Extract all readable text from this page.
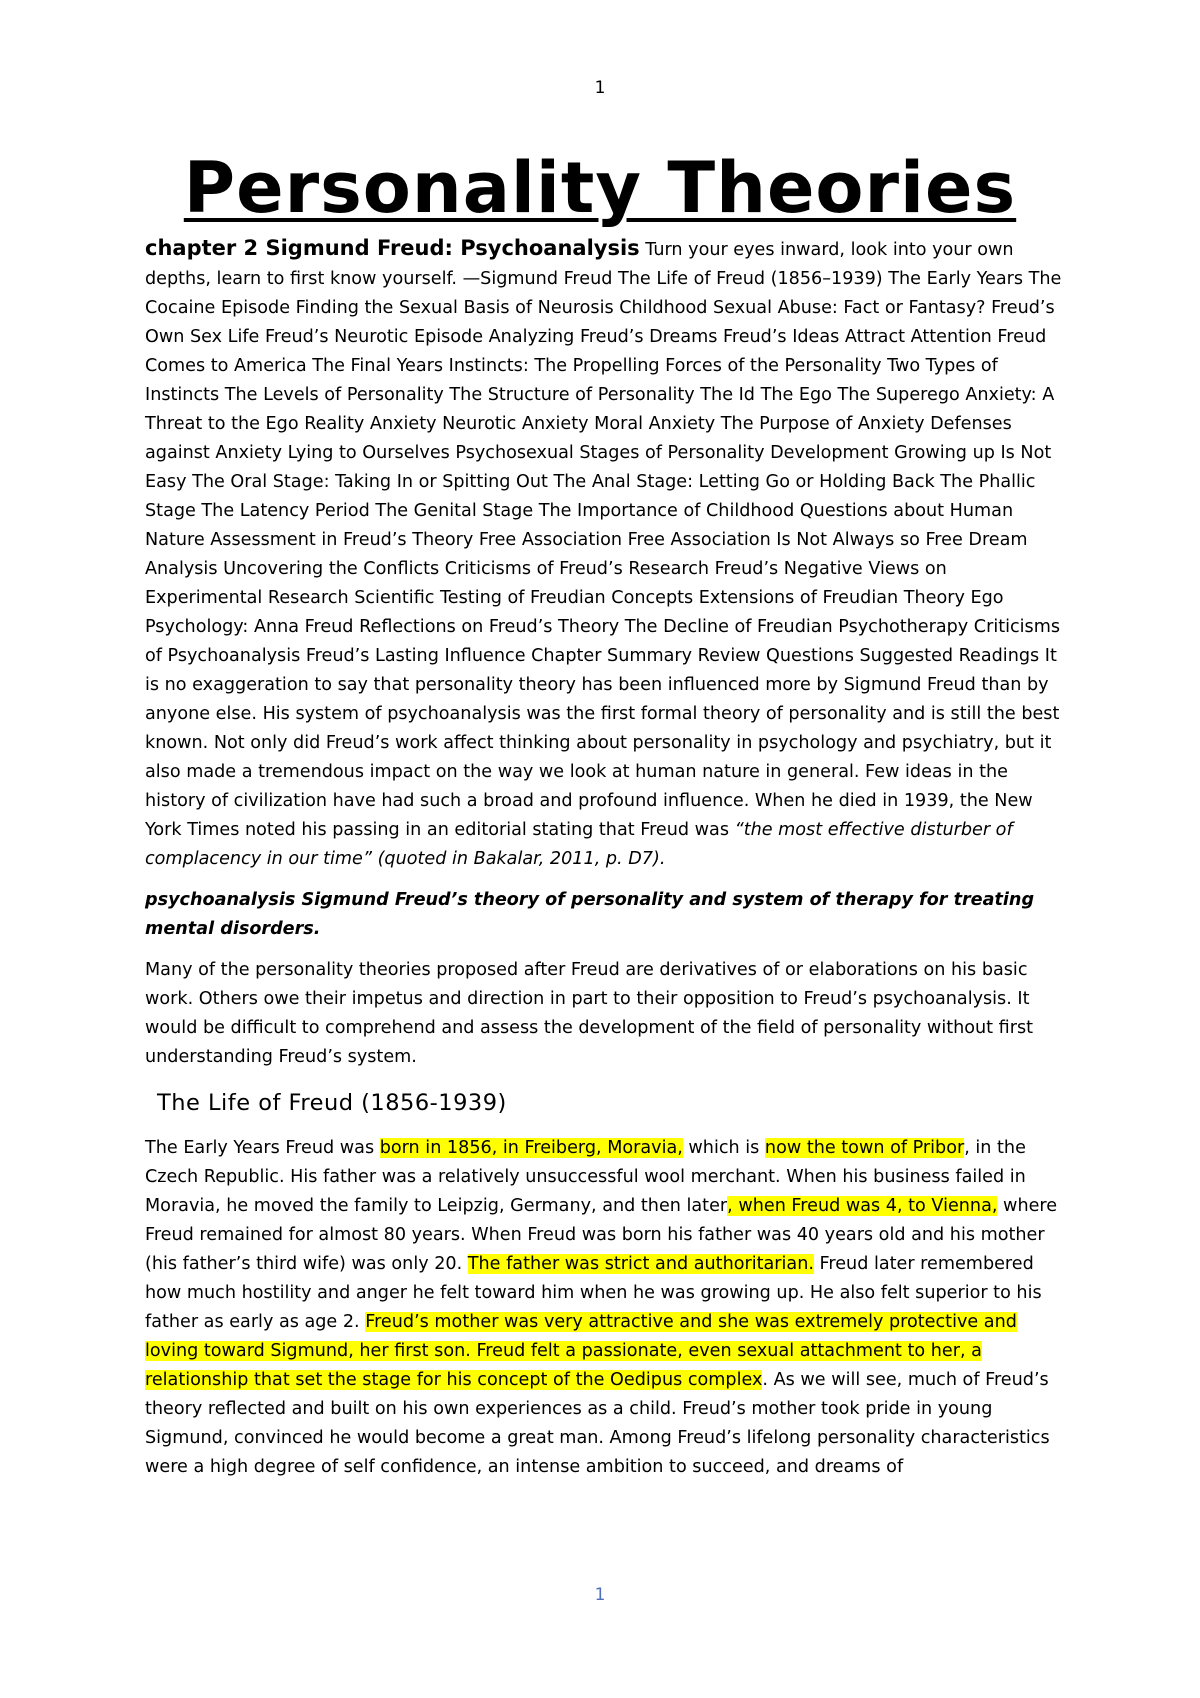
1
Personality Theories

chapter 2 Sigmund Freud: Psychoanalysis Turn your eyes inward, look into your own depths, learn to first know yourself. —Sigmund Freud The Life of Freud (1856–1939) The Early Years The Cocaine Episode Finding the Sexual Basis of Neurosis Childhood Sexual Abuse: Fact or Fantasy? Freud’s Own Sex Life Freud’s Neurotic Episode Analyzing Freud’s Dreams Freud’s Ideas Attract Attention Freud Comes to America The Final Years Instincts: The Propelling Forces of the Personality Two Types of Instincts The Levels of Personality The Structure of Personality The Id The Ego The Superego Anxiety: A Threat to the Ego Reality Anxiety Neurotic Anxiety Moral Anxiety The Purpose of Anxiety Defenses against Anxiety Lying to Ourselves Psychosexual Stages of Personality Development Growing up Is Not Easy The Oral Stage: Taking In or Spitting Out The Anal Stage: Letting Go or Holding Back The Phallic Stage The Latency Period The Genital Stage The Importance of Childhood Questions about Human Nature Assessment in Freud’s Theory Free Association Free Association Is Not Always so Free Dream Analysis Uncovering the Conflicts Criticisms of Freud’s Research Freud’s Negative Views on Experimental Research Scientific Testing of Freudian Concepts Extensions of Freudian Theory Ego Psychology: Anna Freud Reflections on Freud’s Theory The Decline of Freudian Psychotherapy Criticisms of Psychoanalysis Freud’s Lasting Influence Chapter Summary Review Questions Suggested Readings It is no exaggeration to say that personality theory has been influenced more by Sigmund Freud than by anyone else. His system of psychoanalysis was the first formal theory of personality and is still the best known. Not only did Freud’s work affect thinking about personality in psychology and psychiatry, but it also made a tremendous impact on the way we look at human nature in general. Few ideas in the history of civilization have had such a broad and profound influence. When he died in 1939, the New York Times noted his passing in an editorial stating that Freud was “the most effective disturber of complacency in our time” (quoted in Bakalar, 2011, p. D7).

psychoanalysis Sigmund Freud’s theory of personality and system of therapy for treating mental disorders.

Many of the personality theories proposed after Freud are derivatives of or elaborations on his basic work. Others owe their impetus and direction in part to their opposition to Freud’s psychoanalysis. It would be difficult to comprehend and assess the development of the field of personality without first understanding Freud’s system.

The Life of Freud (1856-1939)

The Early Years Freud was born in 1856, in Freiberg, Moravia, which is now the town of Pribor, in the Czech Republic. His father was a relatively unsuccessful wool merchant. When his business failed in Moravia, he moved the family to Leipzig, Germany, and then later, when Freud was 4, to Vienna, where Freud remained for almost 80 years. When Freud was born his father was 40 years old and his mother (his father’s third wife) was only 20. The father was strict and authoritarian. Freud later remembered how much hostility and anger he felt toward him when he was growing up. He also felt superior to his father as early as age 2. Freud’s mother was very attractive and she was extremely protective and loving toward Sigmund, her first son. Freud felt a passionate, even sexual attachment to her, a relationship that set the stage for his concept of the Oedipus complex. As we will see, much of Freud’s theory reflected and built on his own experiences as a child. Freud’s mother took pride in young Sigmund, convinced he would become a great man. Among Freud’s lifelong personality characteristics were a high degree of self confidence, an intense ambition to succeed, and dreams of

1
